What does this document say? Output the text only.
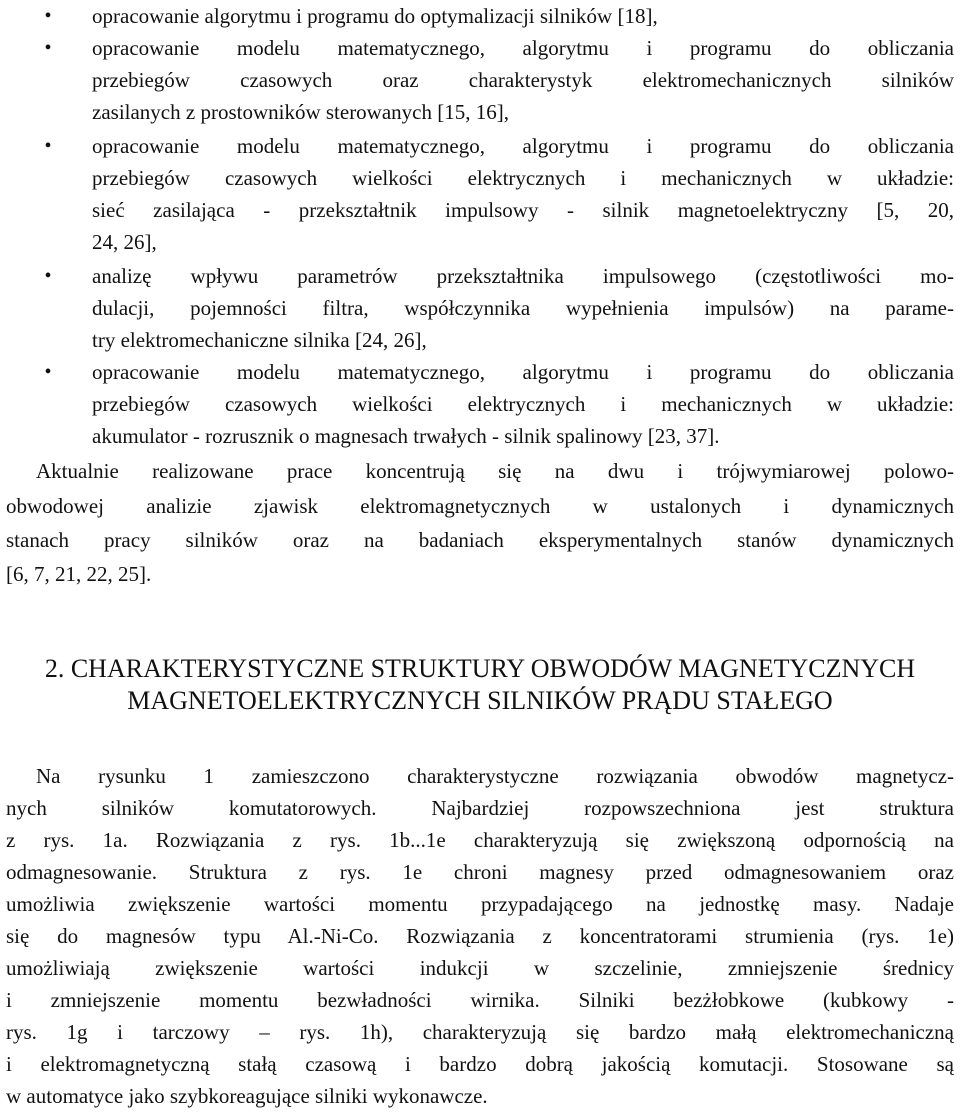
•	opracowanie algorytmu i programu do optymalizacji silników [18],
•	opracowanie modelu matematycznego, algorytmu i programu do obliczania
przebiegów czasowych oraz charakterystyk elektromechanicznych silników
zasilanych z prostowników sterowanych [15, 16],
•	opracowanie modelu matematycznego, algorytmu i programu do obliczania
przebiegów czasowych wielkości elektrycznych i mechanicznych w układzie:
sieć zasilająca - przekształtnik impulsowy - silnik magnetoelektryczny [5, 20,
24, 26],
•	analizę wpływu parametrów przekształtnika impulsowego (częstotliwości mo-
dulacji, pojemności filtra, współczynnika wypełnienia impulsów) na parame-
try elektromechaniczne silnika [24, 26],
•	opracowanie modelu matematycznego, algorytmu i programu do obliczania
przebiegów czasowych wielkości elektrycznych i mechanicznych w układzie:
akumulator - rozrusznik o magnesach trwałych - silnik spalinowy [23, 37].
Aktualnie realizowane prace koncentrują się na dwu i trójwymiarowej polowo-
obwodowej analizie zjawisk elektromagnetycznych w ustalonych i dynamicznych
stanach pracy silników oraz na badaniach eksperymentalnych stanów dynamicznych
[6, 7, 21, 22, 25].
2. CHARAKTERYSTYCZNE STRUKTURY OBWODÓW MAGNETYCZNYCH
MAGNETOELEKTRYCZNYCH SILNIKÓW PRĄDU STAŁEGO
Na rysunku 1 zamieszczono charakterystyczne rozwiązania obwodów magnetycz-
nych silników komutatorowych. Najbardziej rozpowszechniona jest struktura
z rys. 1a. Rozwiązania z rys. 1b...1e charakteryzują się zwiększoną odpornością na
odmagnesowanie. Struktura z rys. 1e chroni magnesy przed odmagnesowaniem oraz
umożliwia zwiększenie wartości momentu przypadającego na jednostkę masy. Nadaje
się do magnesów typu Al.-Ni-Co. Rozwiązania z koncentratorami strumienia (rys. 1e)
umożliwiają zwiększenie wartości indukcji w szczelinie, zmniejszenie średnicy
i zmniejszenie momentu bezwładności wirnika. Silniki bezżłobkowe (kubkowy -
rys. 1g i tarczowy – rys. 1h), charakteryzują się bardzo małą elektromechaniczną
i elektromagnetyczną stałą czasową i bardzo dobrą jakością komutacji. Stosowane są
w automatyce jako szybkoreagujące silniki wykonawcze.
